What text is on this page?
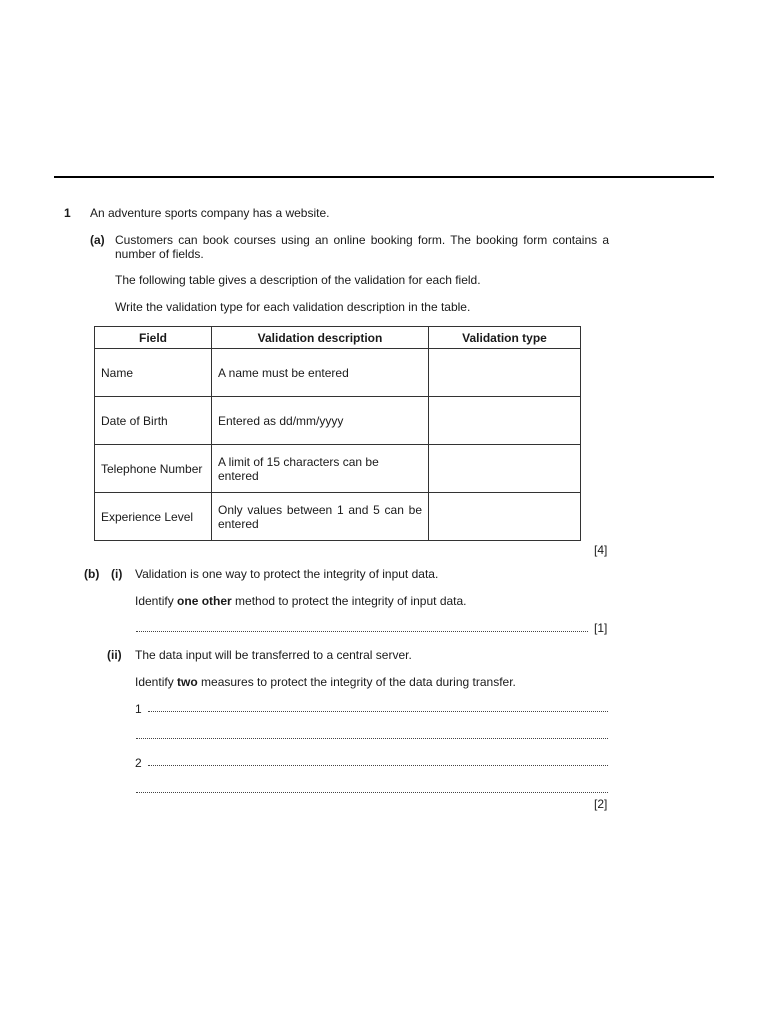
1 An adventure sports company has a website.
(a) Customers can book courses using an online booking form. The booking form contains a number of fields.
The following table gives a description of the validation for each field.
Write the validation type for each validation description in the table.
Field	Validation description	Validation type
Name	A name must be entered	
Date of Birth	Entered as dd/mm/yyyy	
Telephone Number	A limit of 15 characters can be entered	
Experience Level	Only values between 1 and 5 can be entered	
[4]
(b) (i) Validation is one way to protect the integrity of input data.
Identify one other method to protect the integrity of input data.
[1]
(ii) The data input will be transferred to a central server.
Identify two measures to protect the integrity of the data during transfer.
1
2
[2]
